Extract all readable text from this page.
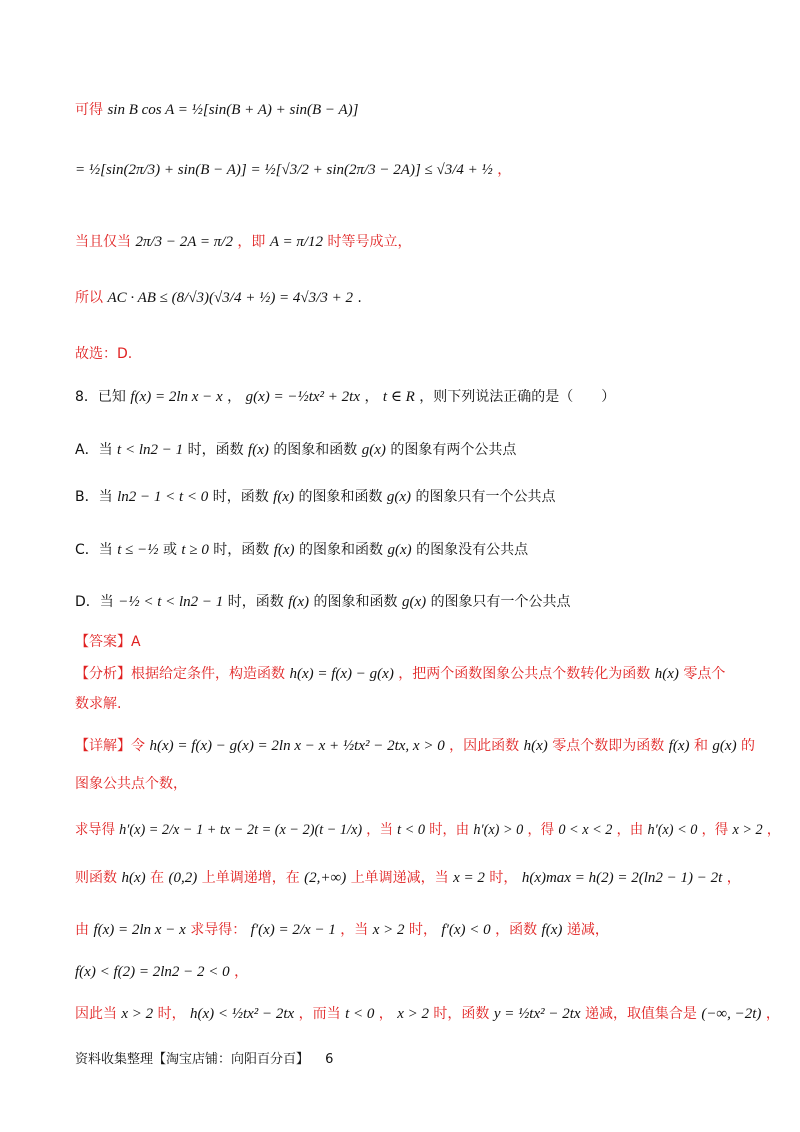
可得 sin B cos A = ½[sin(B + A) + sin(B − A)]
= ½[sin(2π/3) + sin(B − A)] = ½[√3/2 + sin(2π/3 − 2A)] ≤ √3/4 + ½ ，
当且仅当 2π/3 − 2A = π/2 ，即 A = π/12 时等号成立，
所以 AC · AB ≤ (8/√3)(√3/4 + ½) = 4√3/3 + 2 .
故选：D.
8．已知 f(x) = 2ln x − x ， g(x) = −½tx² + 2tx ， t ∈ R ，则下列说法正确的是（　　）
A．当 t < ln2 − 1 时，函数 f(x) 的图象和函数 g(x) 的图象有两个公共点
B．当 ln2 − 1 < t < 0 时，函数 f(x) 的图象和函数 g(x) 的图象只有一个公共点
C．当 t ≤ −½ 或 t ≥ 0 时，函数 f(x) 的图象和函数 g(x) 的图象没有公共点
D．当 −½ < t < ln2 − 1 时，函数 f(x) 的图象和函数 g(x) 的图象只有一个公共点
【答案】A
【分析】根据给定条件，构造函数 h(x) = f(x) − g(x) ，把两个函数图象公共点个数转化为函数 h(x) 零点个
数求解.
【详解】令 h(x) = f(x) − g(x) = 2ln x − x + ½tx² − 2tx, x > 0 ，因此函数 h(x) 零点个数即为函数 f(x) 和 g(x) 的
图象公共点个数，
求导得 h′(x) = 2/x − 1 + tx − 2t = (x − 2)(t − 1/x) ，当 t < 0 时，由 h′(x) > 0 ，得 0 < x < 2 ，由 h′(x) < 0 ，得 x > 2 ，
则函数 h(x) 在 (0,2) 上单调递增，在 (2,+∞) 上单调递减，当 x = 2 时， h(x)max = h(2) = 2(ln2 − 1) − 2t ，
由 f(x) = 2ln x − x 求导得： f′(x) = 2/x − 1 ，当 x > 2 时， f′(x) < 0 ，函数 f(x) 递减，
f(x) < f(2) = 2ln2 − 2 < 0 ，
因此当 x > 2 时， h(x) < ½tx² − 2tx ，而当 t < 0 ， x > 2 时，函数 y = ½tx² − 2tx 递减，取值集合是 (−∞, −2t) ，
资料收集整理【淘宝店铺：向阳百分百】 6
